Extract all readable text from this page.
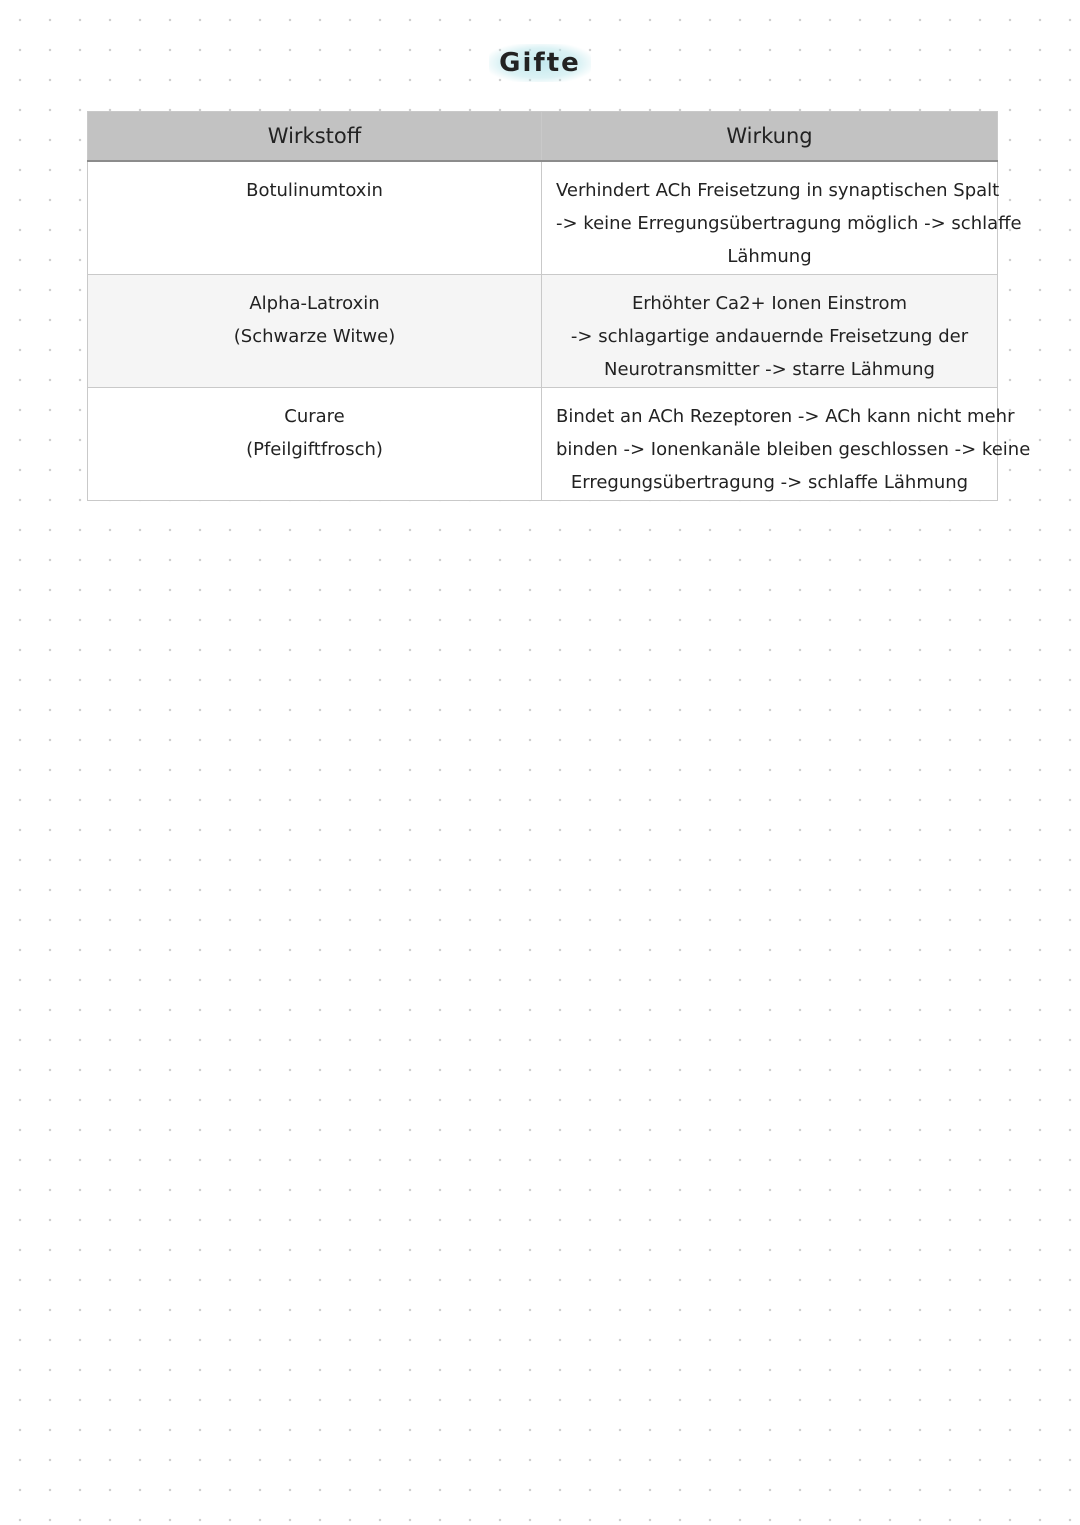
Gifte
Wirkstoff	Wirkung

Botulinumtoxin	Verhindert ACh Freisetzung in synaptischen Spalt
-> keine Erregungsübertragung möglich -> schlaffe
Lähmung

Alpha-Latroxin
(Schwarze Witwe)	Erhöhter Ca2+ Ionen Einstrom
-> schlagartige andauernde Freisetzung der
Neurotransmitter -> starre Lähmung

Curare
(Pfeilgiftfrosch)	Bindet an ACh Rezeptoren -> ACh kann nicht mehr
binden -> Ionenkanäle bleiben geschlossen -> keine
Erregungsübertragung -> schlaffe Lähmung
